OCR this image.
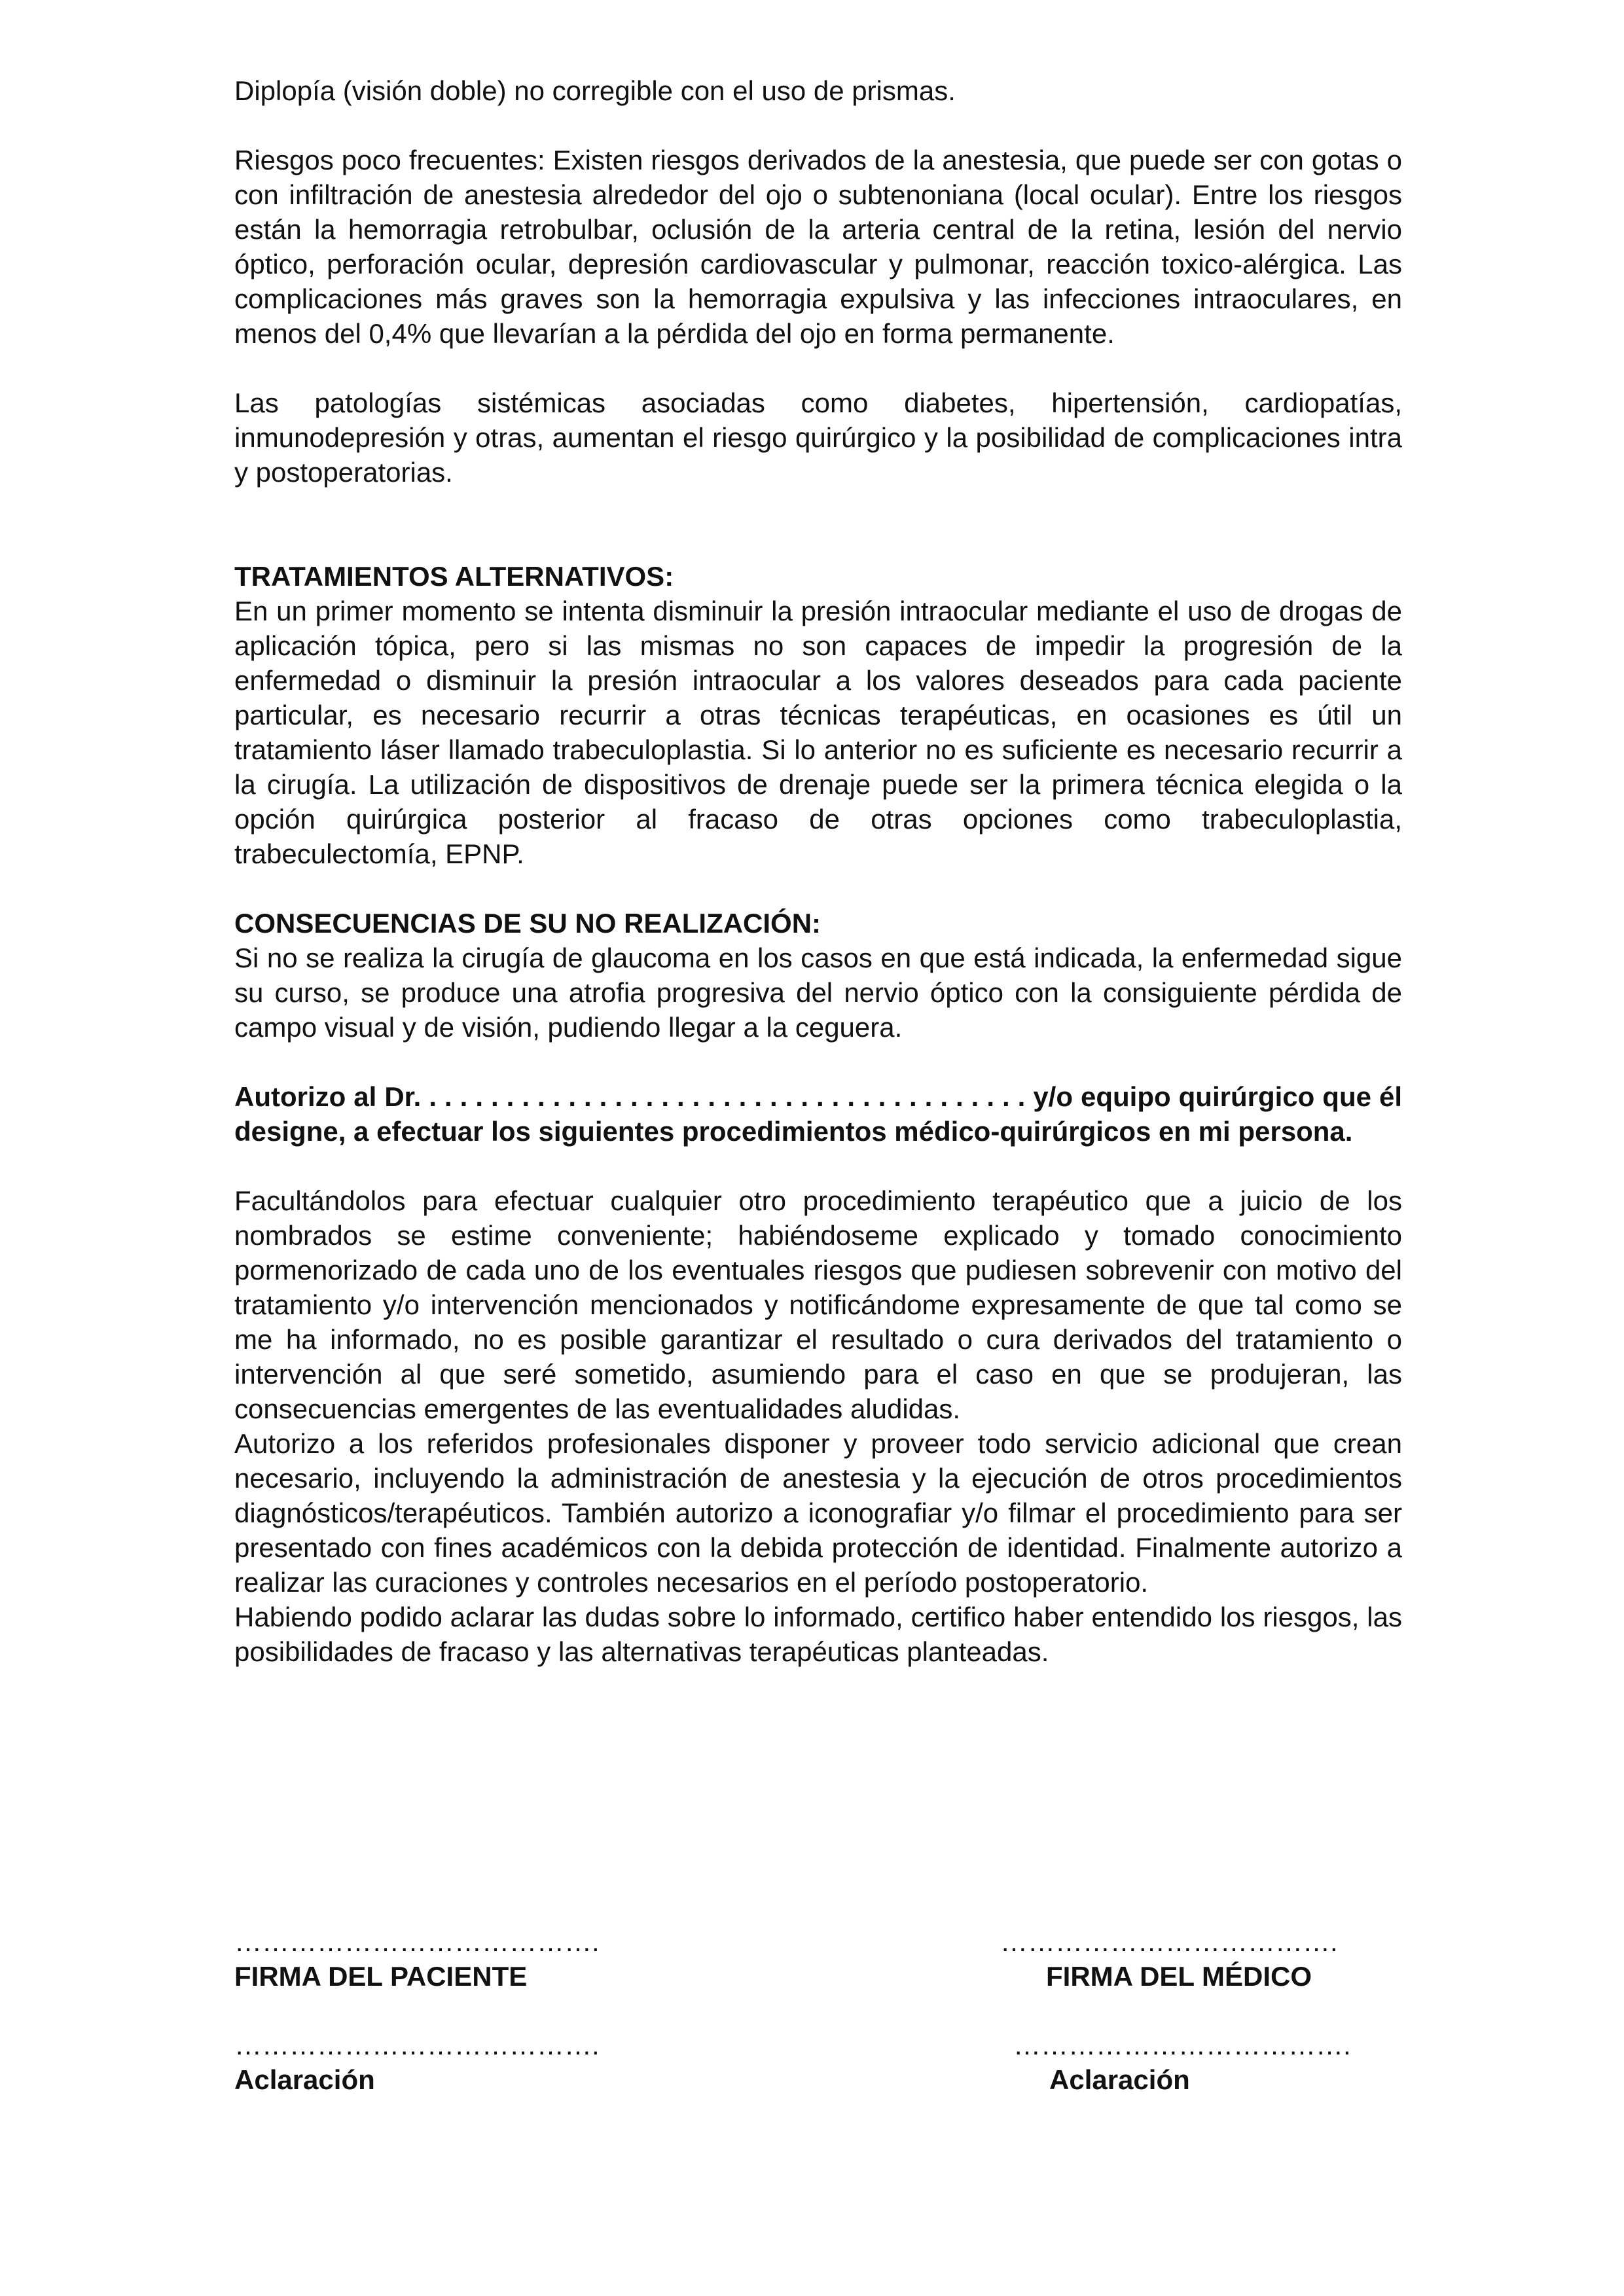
Diplopía (visión doble) no corregible con el uso de prismas.

Riesgos poco frecuentes: Existen riesgos derivados de la anestesia, que puede ser con gotas o con infiltración de anestesia alrededor del ojo o subtenoniana (local ocular). Entre los riesgos están la hemorragia retrobulbar, oclusión de la arteria central de la retina, lesión del nervio óptico, perforación ocular, depresión cardiovascular y pulmonar, reacción toxico-alérgica. Las complicaciones más graves son la hemorragia expulsiva y las infecciones intraoculares, en menos del 0,4% que llevarían a la pérdida del ojo en forma permanente.

Las patologías sistémicas asociadas como diabetes, hipertensión, cardiopatías, inmunodepresión y otras, aumentan el riesgo quirúrgico y la posibilidad de complicaciones intra y postoperatorias.

TRATAMIENTOS ALTERNATIVOS:

En un primer momento se intenta disminuir la presión intraocular mediante el uso de drogas de aplicación tópica, pero si las mismas no son capaces de impedir la progresión de la enfermedad o disminuir la presión intraocular a los valores deseados para cada paciente particular, es necesario recurrir a otras técnicas terapéuticas, en ocasiones es útil un tratamiento láser llamado trabeculoplastia. Si lo anterior no es suficiente es necesario recurrir a la cirugía. La utilización de dispositivos de drenaje puede ser la primera técnica elegida o la opción quirúrgica posterior al fracaso de otras opciones como trabeculoplastia, trabeculectomía, EPNP.

CONSECUENCIAS DE SU NO REALIZACIÓN:

Si no se realiza la cirugía de glaucoma en los casos en que está indicada, la enfermedad sigue su curso, se produce una atrofia progresiva del nervio óptico con la consiguiente pérdida de campo visual y de visión, pudiendo llegar a la ceguera.

Autorizo al Dr. . . . . . . . . . . . . . . . . . . . . . . . . . . . . . . . . . . . . . . . y/o equipo quirúrgico que él designe, a efectuar los siguientes procedimientos médico-quirúrgicos en mi persona.

Facultándolos para efectuar cualquier otro procedimiento terapéutico que a juicio de los nombrados se estime conveniente; habiéndoseme explicado y tomado conocimiento pormenorizado de cada uno de los eventuales riesgos que pudiesen sobrevenir con motivo del tratamiento y/o intervención mencionados y notificándome expresamente de que tal como se me ha informado, no es posible garantizar el resultado o cura derivados del tratamiento o intervención al que seré sometido, asumiendo para el caso en que se produjeran, las consecuencias emergentes de las eventualidades aludidas.

Autorizo a los referidos profesionales disponer y proveer todo servicio adicional que crean necesario, incluyendo la administración de anestesia y la ejecución de otros procedimientos diagnósticos/terapéuticos. También autorizo a iconografiar y/o filmar el procedimiento para ser presentado con fines académicos con la debida protección de identidad. Finalmente autorizo a realizar las curaciones y controles necesarios en el período postoperatorio.

Habiendo podido aclarar las dudas sobre lo informado, certifico haber entendido los riesgos, las posibilidades de fracaso y las alternativas terapéuticas planteadas.

………………………………….
FIRMA DEL PACIENTE
……………………………….
FIRMA DEL MÉDICO
………………………………….
Aclaración
……………………………….
Aclaración
